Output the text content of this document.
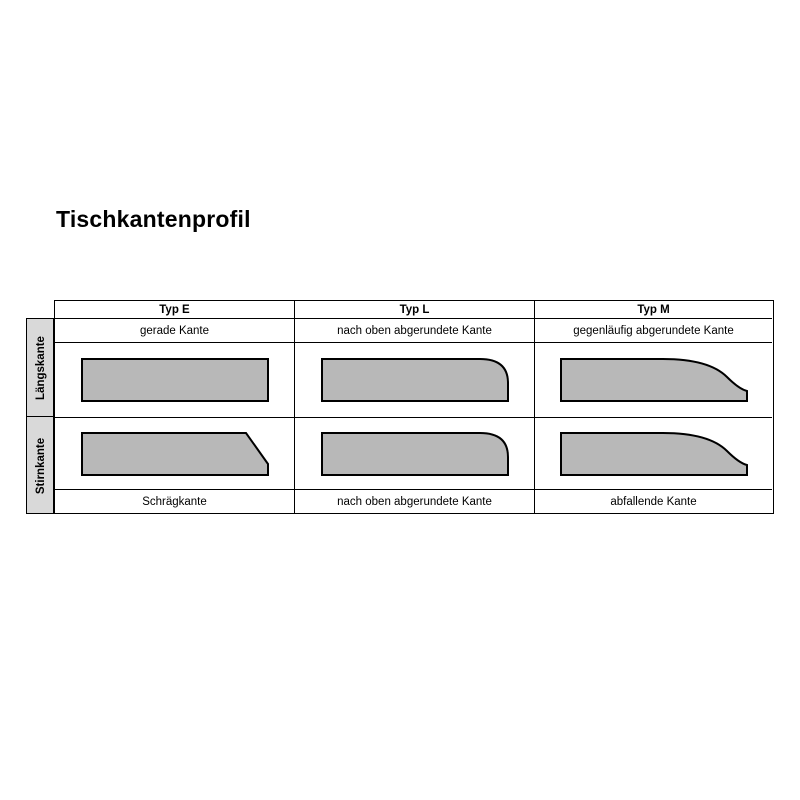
Tischkantenprofil
Längskante
Stirnkante
Typ E
gerade Kante
Schrägkante
Typ L
nach oben abgerundete Kante
nach oben abgerundete Kante
Typ M
gegenläufig abgerundete Kante
abfallende Kante
